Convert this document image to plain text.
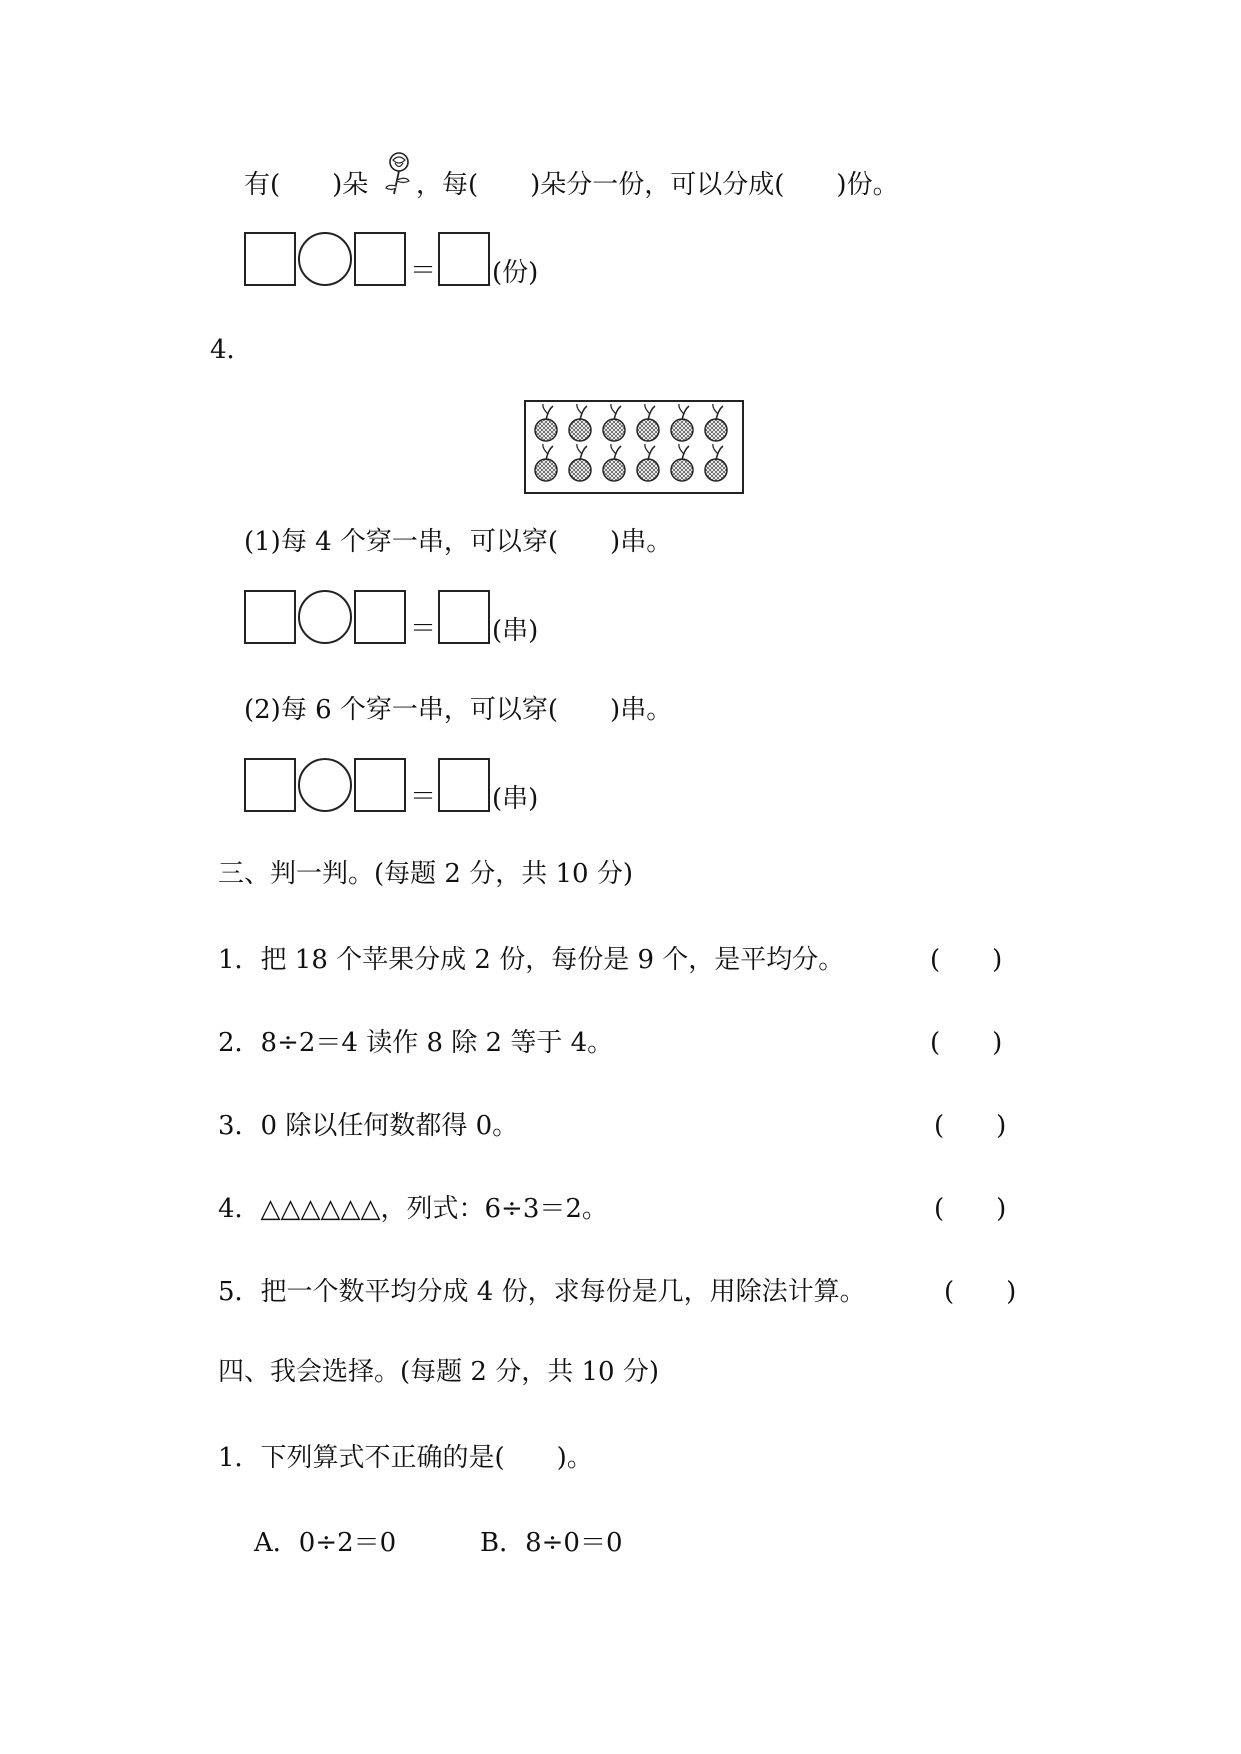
有(　　)朵 ，每(　　)朵分一份，可以分成(　　)份。
＝ (份)
4．
(1)每 4 个穿一串，可以穿(　　)串。
＝ (串)
(2)每 6 个穿一串，可以穿(　　)串。
＝ (串)
三、判一判。(每题 2 分，共 10 分)
1．把 18 个苹果分成 2 份，每份是 9 个，是平均分。	(　　)
2．8÷2＝4 读作 8 除 2 等于 4。	(　　)
3．0 除以任何数都得 0。	(　　)
4．△△△△△△，列式：6÷3＝2。	(　　)
5．把一个数平均分成 4 份，求每份是几，用除法计算。	(　　)
四、我会选择。(每题 2 分，共 10 分)
1．下列算式不正确的是(　　)。
A．0÷2＝0	B．8÷0＝0
